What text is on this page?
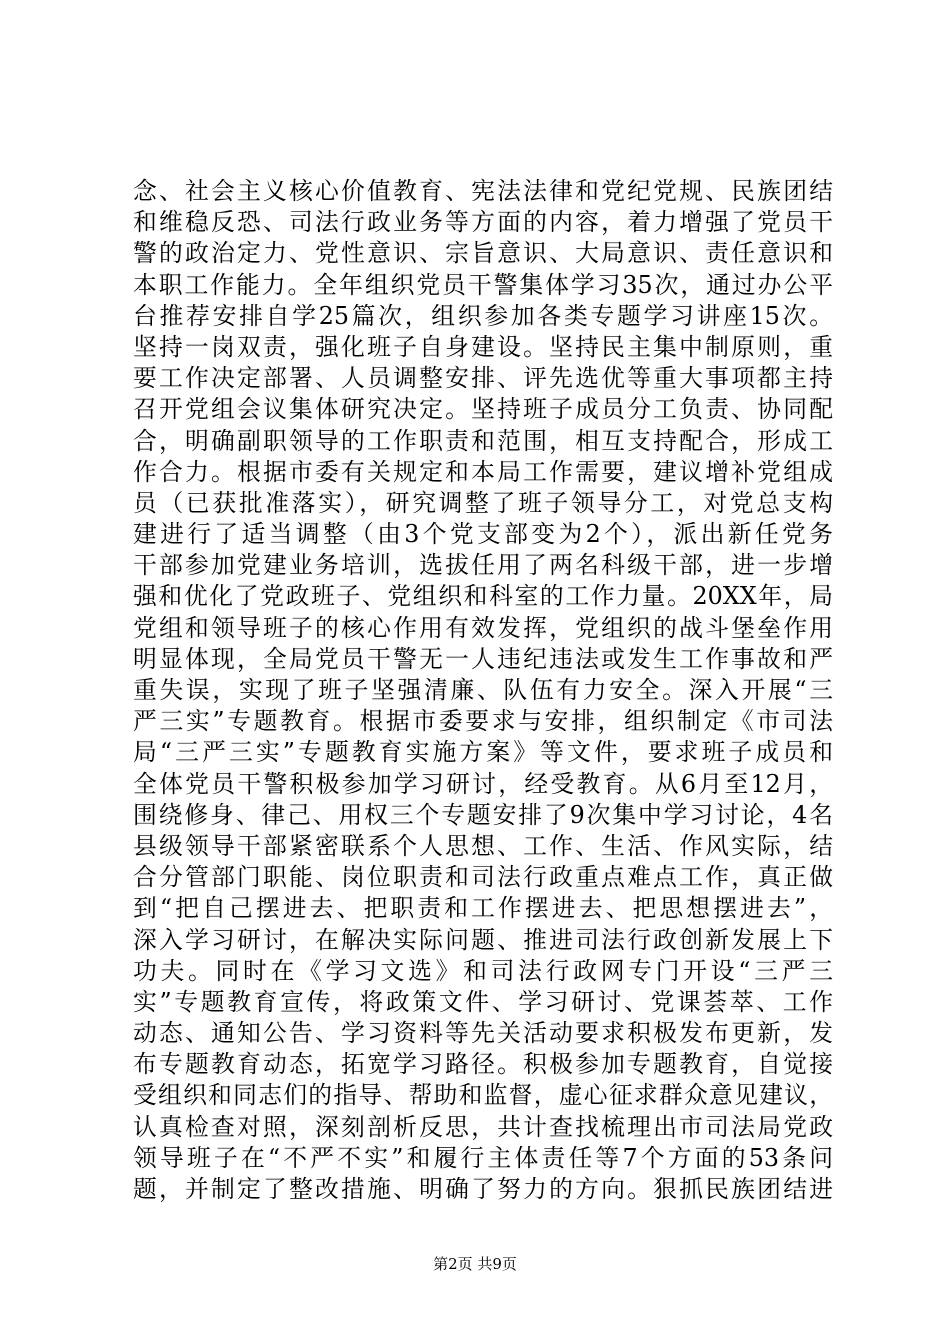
念、社会主义核心价值教育、宪法法律和党纪党规、民族团结
和维稳反恐、司法行政业务等方面的内容，着力增强了党员干
警的政治定力、党性意识、宗旨意识、大局意识、责任意识和
本职工作能力。全年组织党员干警集体学习35次，通过办公平
台推荐安排自学25篇次，组织参加各类专题学习讲座15次。
坚持一岗双责，强化班子自身建设。坚持民主集中制原则，重
要工作决定部署、人员调整安排、评先选优等重大事项都主持
召开党组会议集体研究决定。坚持班子成员分工负责、协同配
合，明确副职领导的工作职责和范围，相互支持配合，形成工
作合力。根据市委有关规定和本局工作需要，建议增补党组成
员（已获批准落实），研究调整了班子领导分工，对党总支构
建进行了适当调整（由3个党支部变为2个），派出新任党务
干部参加党建业务培训，选拔任用了两名科级干部，进一步增
强和优化了党政班子、党组织和科室的工作力量。20XX年，局
党组和领导班子的核心作用有效发挥，党组织的战斗堡垒作用
明显体现，全局党员干警无一人违纪违法或发生工作事故和严
重失误，实现了班子坚强清廉、队伍有力安全。深入开展“三
严三实”专题教育。根据市委要求与安排，组织制定《市司法
局“三严三实”专题教育实施方案》等文件，要求班子成员和
全体党员干警积极参加学习研讨，经受教育。从6月至12月，
围绕修身、律己、用权三个专题安排了9次集中学习讨论，4名
县级领导干部紧密联系个人思想、工作、生活、作风实际，结
合分管部门职能、岗位职责和司法行政重点难点工作，真正做
到“把自己摆进去、把职责和工作摆进去、把思想摆进去”，
深入学习研讨，在解决实际问题、推进司法行政创新发展上下
功夫。同时在《学习文选》和司法行政网专门开设“三严三
实”专题教育宣传，将政策文件、学习研讨、党课荟萃、工作
动态、通知公告、学习资料等先关活动要求积极发布更新，发
布专题教育动态，拓宽学习路径。积极参加专题教育，自觉接
受组织和同志们的指导、帮助和监督，虚心征求群众意见建议，
认真检查对照，深刻剖析反思，共计查找梳理出市司法局党政
领导班子在“不严不实”和履行主体责任等7个方面的53条问
题，并制定了整改措施、明确了努力的方向。狠抓民族团结进
第2页 共9页
